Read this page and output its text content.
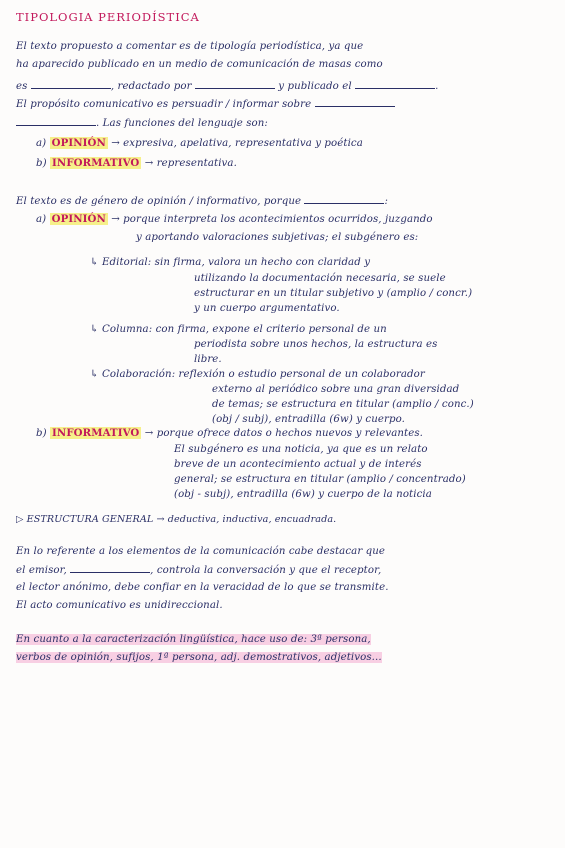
TIPOLOGIA PERIODÍSTICA
El texto propuesto a comentar es de tipología periodística, ya que
ha aparecido publicado en un medio de comunicación de masas como
es	, redactado por	y publicado el	.
El propósito comunicativo es persuadir / informar sobre
. Las funciones del lenguaje son:
a) OPINIÓN → expresiva, apelativa, representativa y poética
b) INFORMATIVO → representativa.
El texto es de género de opinión / informativo, porque	:
a) OPINIÓN → porque interpreta los acontecimientos ocurridos, juzgando
y aportando valoraciones subjetivas; el subgénero es:
↳ Editorial: sin firma, valora un hecho con claridad y
utilizando la documentación necesaria, se suele
estructurar en un titular subjetivo y (amplio / concr.)
y un cuerpo argumentativo.
↳ Columna: con firma, expone el criterio personal de un
periodista sobre unos hechos, la estructura es
libre.
↳ Colaboración: reflexión o estudio personal de un colaborador
externo al periódico sobre una gran diversidad
de temas; se estructura en titular (amplio / conc.)
(obj / subj), entradilla (6w) y cuerpo.
b) INFORMATIVO → porque ofrece datos o hechos nuevos y relevantes.
El subgénero es una noticia, ya que es un relato
breve de un acontecimiento actual y de interés
general; se estructura en titular (amplio / concentrado)
(obj - subj), entradilla (6w) y cuerpo de la noticia
▷ ESTRUCTURA GENERAL → deductiva, inductiva, encuadrada.
En lo referente a los elementos de la comunicación cabe destacar que
el emisor,	, controla la conversación y que el receptor,
el lector anónimo, debe confiar en la veracidad de lo que se transmite.
El acto comunicativo es unidireccional.
En cuanto a la caracterización lingüística, hace uso de: 3ª persona,
verbos de opinión, sufijos, 1ª persona, adj. demostrativos, adjetivos...
